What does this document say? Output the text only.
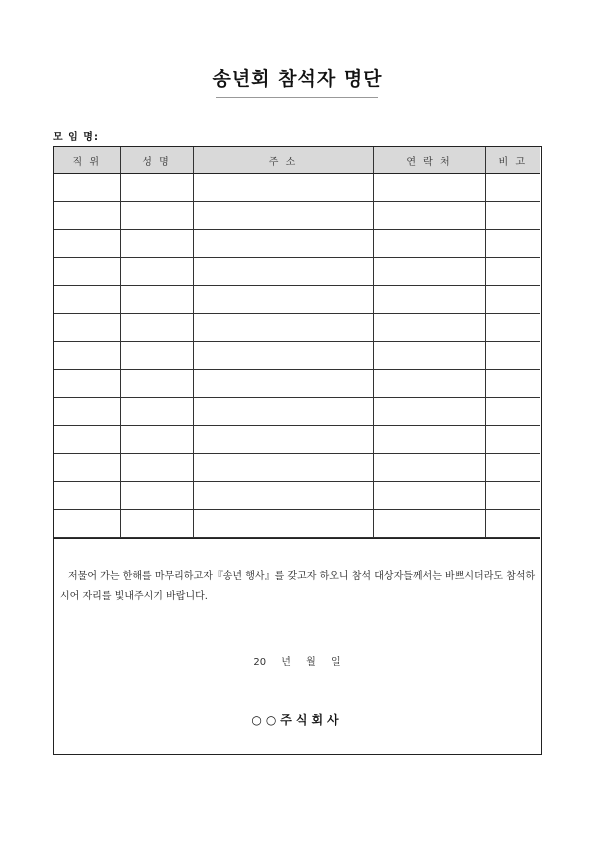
송년회 참석자 명단
모 임 명:
직 위	성 명	주 소	연 락 처	비 고

저물어 가는 한해를 마무리하고자『송년 행사』를 갖고자 하오니 참석 대상자들께서는 바쁘시더라도 참석하시어 자리를 빛내주시기 바랍니다.
20 년 월 일
○○주식회사
